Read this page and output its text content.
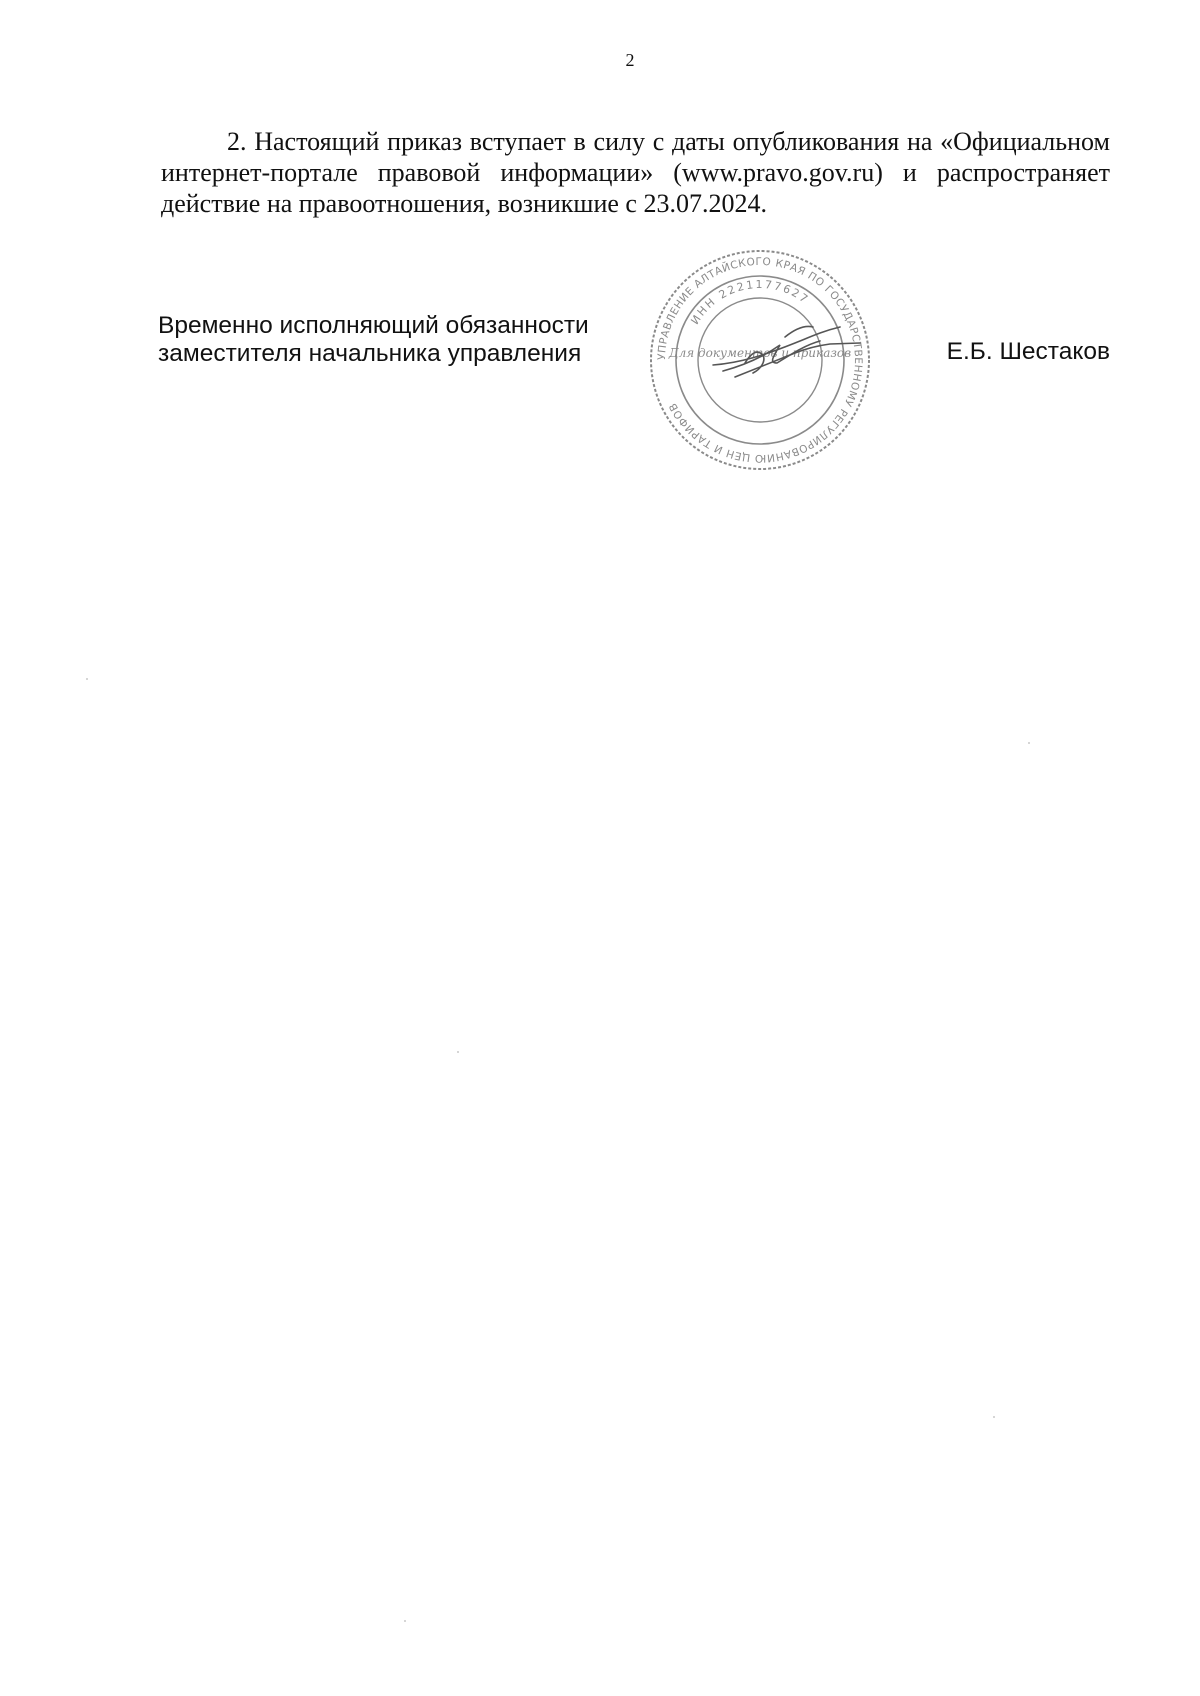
2

2. Настоящий приказ вступает в силу с даты опубликования на «Официальном интернет-портале правовой информации» (www.pravo.gov.ru) и распространяет действие на правоотношения, возникшие с 23.07.2024.

Временно исполняющий обязанности
заместителя начальника управления	Е.Б. Шестаков
УПРАВЛЕНИЕ АЛТАЙСКОГО КРАЯ ПО ГОСУДАРСТВЕННОМУ РЕГУЛИРОВАНИЮ ЦЕН И ТАРИФОВ
ИНН 2221177627
Для документов и приказов
